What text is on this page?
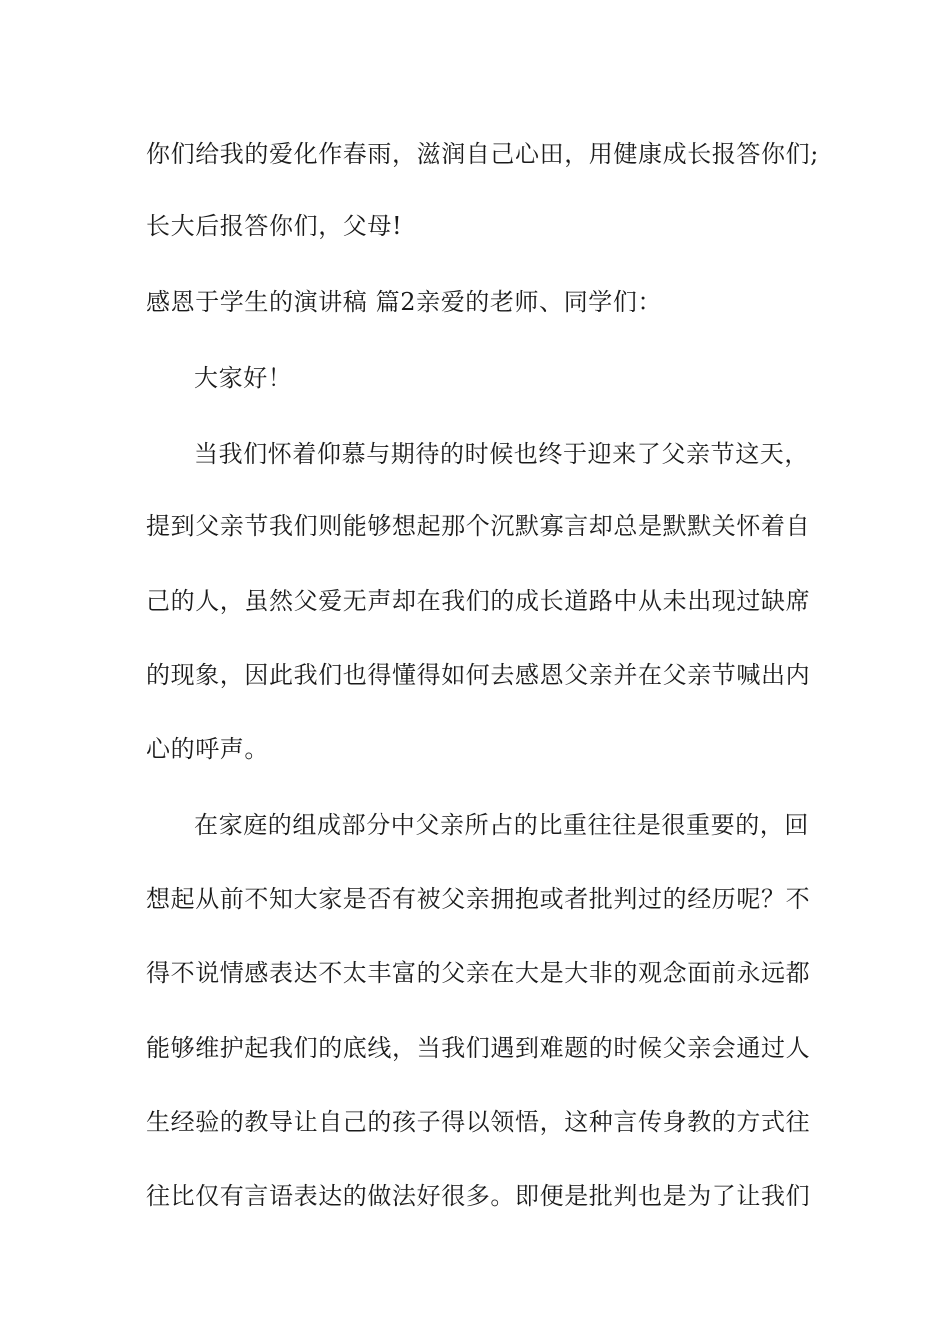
你们给我的爱化作春雨，滋润自己心田，用健康成长报答你们;
长大后报答你们，父母!
感恩于学生的演讲稿 篇2亲爱的老师、同学们：
大家好！
当我们怀着仰慕与期待的时候也终于迎来了父亲节这天，
提到父亲节我们则能够想起那个沉默寡言却总是默默关怀着自
己的人，虽然父爱无声却在我们的成长道路中从未出现过缺席
的现象，因此我们也得懂得如何去感恩父亲并在父亲节喊出内
心的呼声。
在家庭的组成部分中父亲所占的比重往往是很重要的，回
想起从前不知大家是否有被父亲拥抱或者批判过的经历呢？不
得不说情感表达不太丰富的父亲在大是大非的观念面前永远都
能够维护起我们的底线，当我们遇到难题的时候父亲会通过人
生经验的教导让自己的孩子得以领悟，这种言传身教的方式往
往比仅有言语表达的做法好很多。即便是批判也是为了让我们
